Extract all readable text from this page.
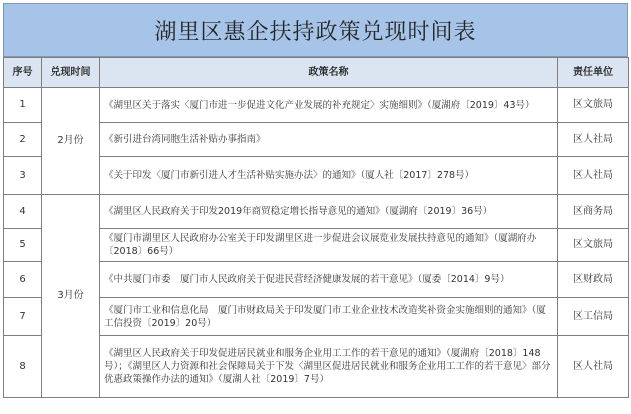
湖里区惠企扶持政策兑现时间表
序号	兑现时间	政策名称	责任单位
1	2月份	《湖里区关于落实〈厦门市进一步促进文化产业发展的补充规定〉实施细则》（厦湖府〔2019〕43号）	区文旅局
2		《新引进台湾同胞生活补贴办事指南》	区人社局
3		《关于印发〈厦门市新引进人才生活补贴实施办法〉的通知》（厦人社〔2017〕278号）	区人社局
4	3月份	《湖里区人民政府关于印发2019年商贸稳定增长指导意见的通知》（厦湖府〔2019〕36号）	区商务局
5		《厦门市湖里区人民政府办公室关于印发湖里区进一步促进会议展览业发展扶持意见的通知》（厦湖府办〔2018〕66号）	区文旅局
6		《中共厦门市委　厦门市人民政府关于促进民营经济健康发展的若干意见》（厦委〔2014〕9号）	区财政局
7		《厦门市工业和信息化局　厦门市财政局关于印发厦门市工业企业技术改造奖补资金实施细则的通知》（厦工信投资〔2019〕20号）	区工信局
8		《湖里区人民政府关于印发促进居民就业和服务企业用工工作的若干意见的通知》（厦湖府〔2018〕148号）；《湖里区人力资源和社会保障局关于下发〈湖里区促进居民就业和服务企业用工工作的若干意见〉部分优惠政策操作办法的通知》（厦湖人社〔2019〕7号）	区人社局
